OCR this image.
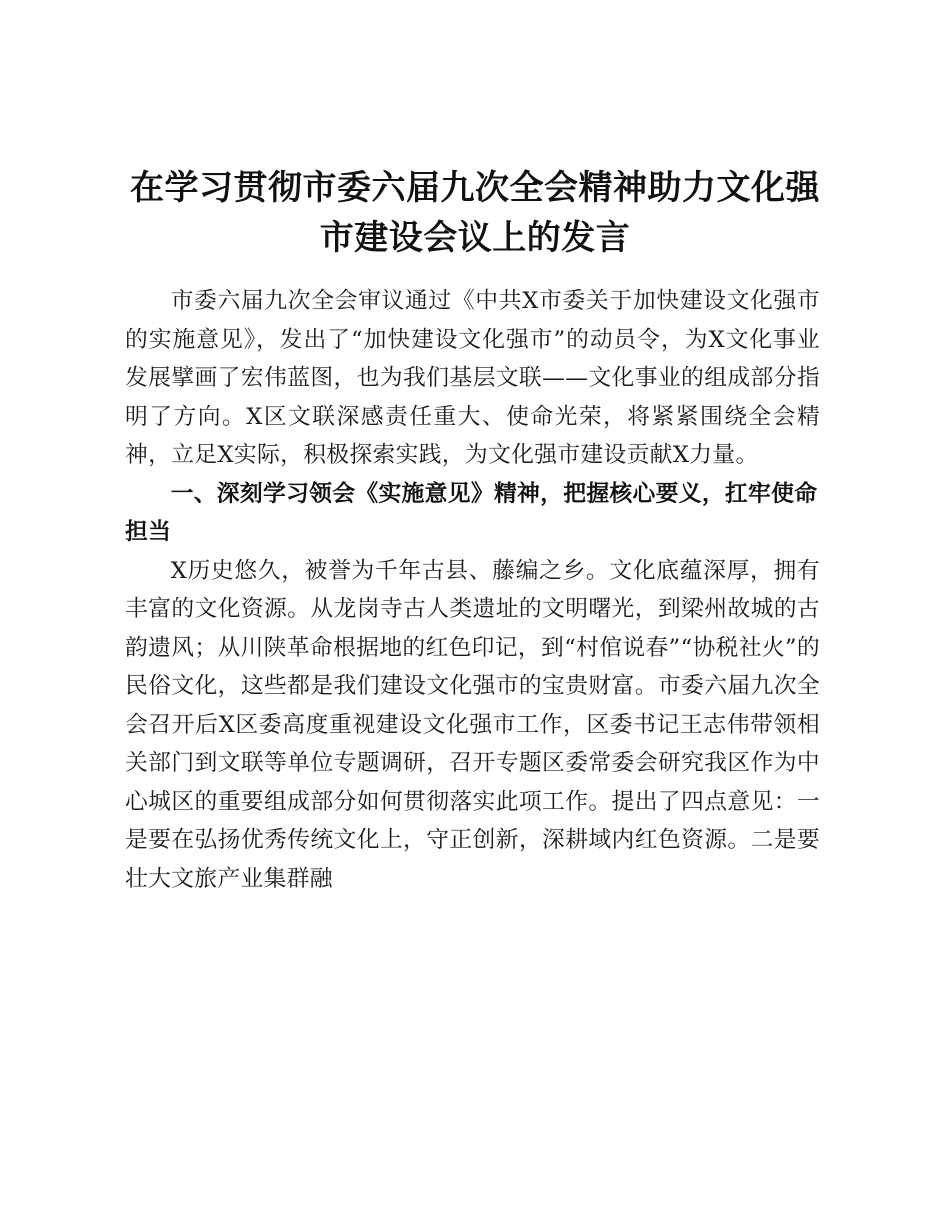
在学习贯彻市委六届九次全会精神助力文化强
市建设会议上的发言

市委六届九次全会审议通过《中共X市委关于加快建设文化强市的实施意见》，发出了“加快建设文化强市”的动员令，为X文化事业发展擘画了宏伟蓝图，也为我们基层文联——文化事业的组成部分指明了方向。X区文联深感责任重大、使命光荣，将紧紧围绕全会精神，立足X实际，积极探索实践，为文化强市建设贡献X力量。

一、深刻学习领会《实施意见》精神，把握核心要义，扛牢使命担当

X历史悠久，被誉为千年古县、藤编之乡。文化底蕴深厚，拥有丰富的文化资源。从龙岗寺古人类遗址的文明曙光，到梁州故城的古韵遗风；从川陕革命根据地的红色印记，到“村倌说春”“协税社火”的民俗文化，这些都是我们建设文化强市的宝贵财富。市委六届九次全会召开后X区委高度重视建设文化强市工作，区委书记王志伟带领相关部门到文联等单位专题调研，召开专题区委常委会研究我区作为中心城区的重要组成部分如何贯彻落实此项工作。提出了四点意见：一是要在弘扬优秀传统文化上，守正创新，深耕域内红色资源。二是要壮大文旅产业集群融
